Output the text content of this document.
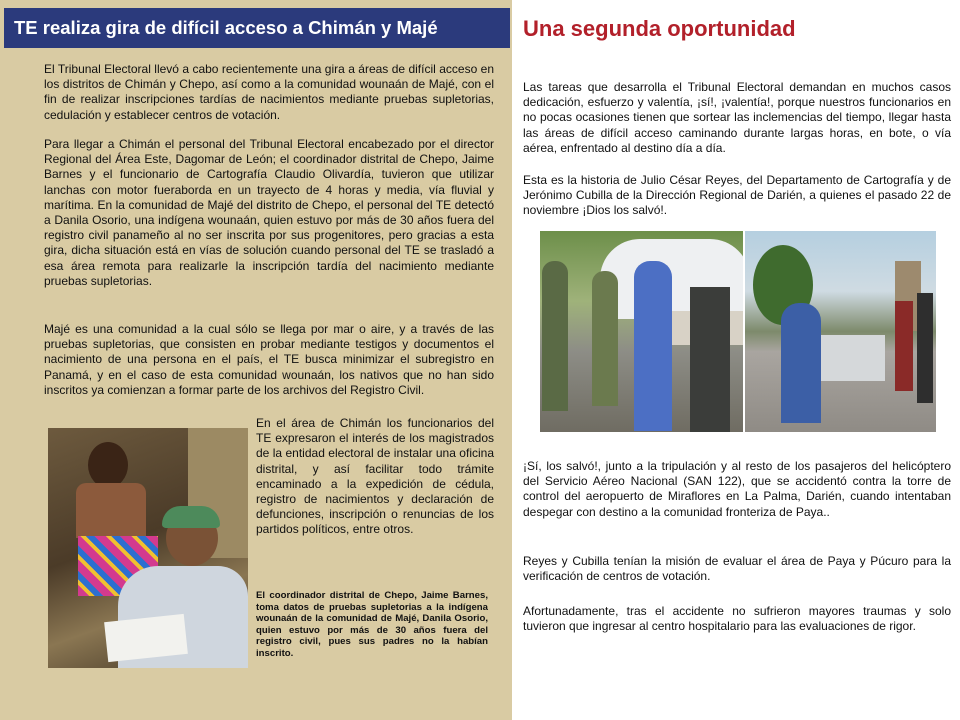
TE realiza gira de difícil acceso a Chimán y Majé

El Tribunal Electoral llevó a cabo recientemente una gira a áreas de difícil acceso en los distritos de Chimán y Chepo, así como a la comunidad wounaán de Majé, con el fin de realizar inscripciones tardías de nacimientos mediante pruebas supletorias, cedulación y establecer centros de votación.

Para llegar a Chimán el personal del Tribunal Electoral encabezado por el director Regional del Área Este, Dagomar de León; el coordinador distrital de Chepo, Jaime Barnes y el funcionario de Cartografía Claudio Olivardía, tuvieron que utilizar lanchas con motor fueraborda en un trayecto de 4 horas y media, vía fluvial y marítima. En la comunidad de Majé del distrito de Chepo, el personal del TE detectó a Danila Osorio, una indígena wounaán, quien estuvo por más de 30 años fuera del registro civil panameño al no ser inscrita por sus progenitores, pero gracias a esta gira, dicha situación está en vías de solución cuando personal del TE se trasladó a esa área remota para realizarle la inscripción tardía del nacimiento mediante pruebas supletorias.

Majé es una comunidad a la cual sólo se llega por mar o aire, y a través de las pruebas supletorias, que consisten en probar mediante testigos y documentos el nacimiento de una persona en el país, el TE busca minimizar el subregistro en Panamá, y en el caso de esta comunidad wounaán, los nativos que no han sido inscritos ya comienzan a formar parte de los archivos del Registro Civil.

En el área de Chimán los funcionarios del TE expresaron el interés de los magistrados de la entidad electoral de instalar una oficina distrital, y así facilitar todo trámite encaminado a la expedición de cédula, registro de nacimientos y declaración de defunciones, inscripción o renuncias de los partidos políticos, entre otros.

El coordinador distrital de Chepo, Jaime Barnes, toma datos de pruebas supletorias a la indígena wounaán de la comunidad de Majé, Danila Osorio, quien estuvo por más de 30 años fuera del registro civil, pues sus padres no la habían inscrito.

Una segunda oportunidad

Las tareas que desarrolla el Tribunal Electoral demandan en muchos casos dedicación, esfuerzo y valentía, ¡sí!, ¡valentía!, porque nuestros funcionarios en no pocas ocasiones tienen que sortear las inclemencias del tiempo, llegar hasta las áreas de difícil acceso caminando durante largas horas, en bote, o vía aérea, enfrentado al destino día a día.

Esta es la historia de Julio César Reyes, del Departamento de Cartografía y de Jerónimo Cubilla de la Dirección Regional de Darién, a quienes el pasado 22 de noviembre ¡Dios los salvó!.

¡Sí, los salvó!, junto a la tripulación y al resto de los pasajeros del helicóptero del Servicio Aéreo Nacional (SAN 122), que se accidentó contra la torre de control del aeropuerto de Miraflores en La Palma, Darién, cuando intentaban despegar con destino a la comunidad fronteriza de Paya..

Reyes y Cubilla tenían la misión de evaluar el área de Paya y Púcuro para la verificación de centros de votación.

Afortunadamente, tras el accidente no sufrieron mayores traumas y solo tuvieron que ingresar al centro hospitalario para las evaluaciones de rigor.
